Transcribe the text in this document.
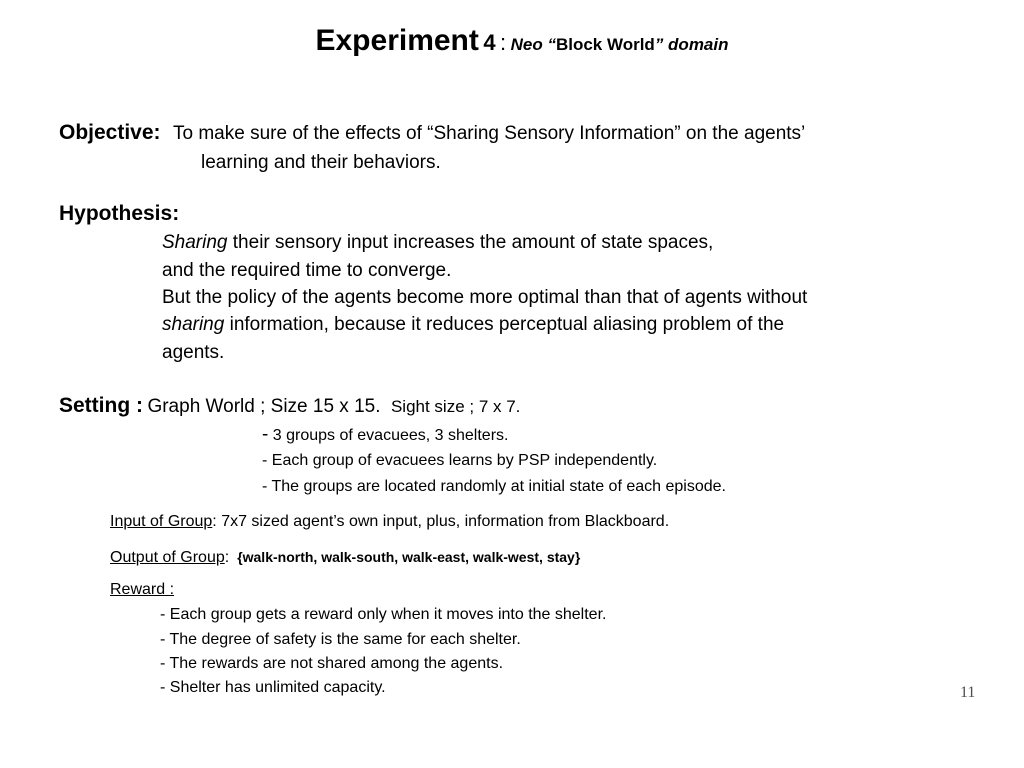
Experiment 4 : Neo “Block World” domain
Objective: To make sure of the effects of “Sharing Sensory Information” on the agents’
learning and their behaviors.
Hypothesis:
Sharing their sensory input increases the amount of state spaces,
and the required time to converge.
But the policy of the agents become more optimal than that of agents without
sharing information, because it reduces perceptual aliasing problem of the
agents.
Setting : Graph World ; Size 15 x 15. Sight size ; 7 x 7.
- 3 groups of evacuees, 3 shelters.
- Each group of evacuees learns by PSP independently.
- The groups are located randomly at initial state of each episode.
Input of Group: 7x7 sized agent’s own input, plus, information from Blackboard.
Output of Group: {walk-north, walk-south, walk-east, walk-west, stay}
Reward :
- Each group gets a reward only when it moves into the shelter.
- The degree of safety is the same for each shelter.
- The rewards are not shared among the agents.
- Shelter has unlimited capacity.	11
